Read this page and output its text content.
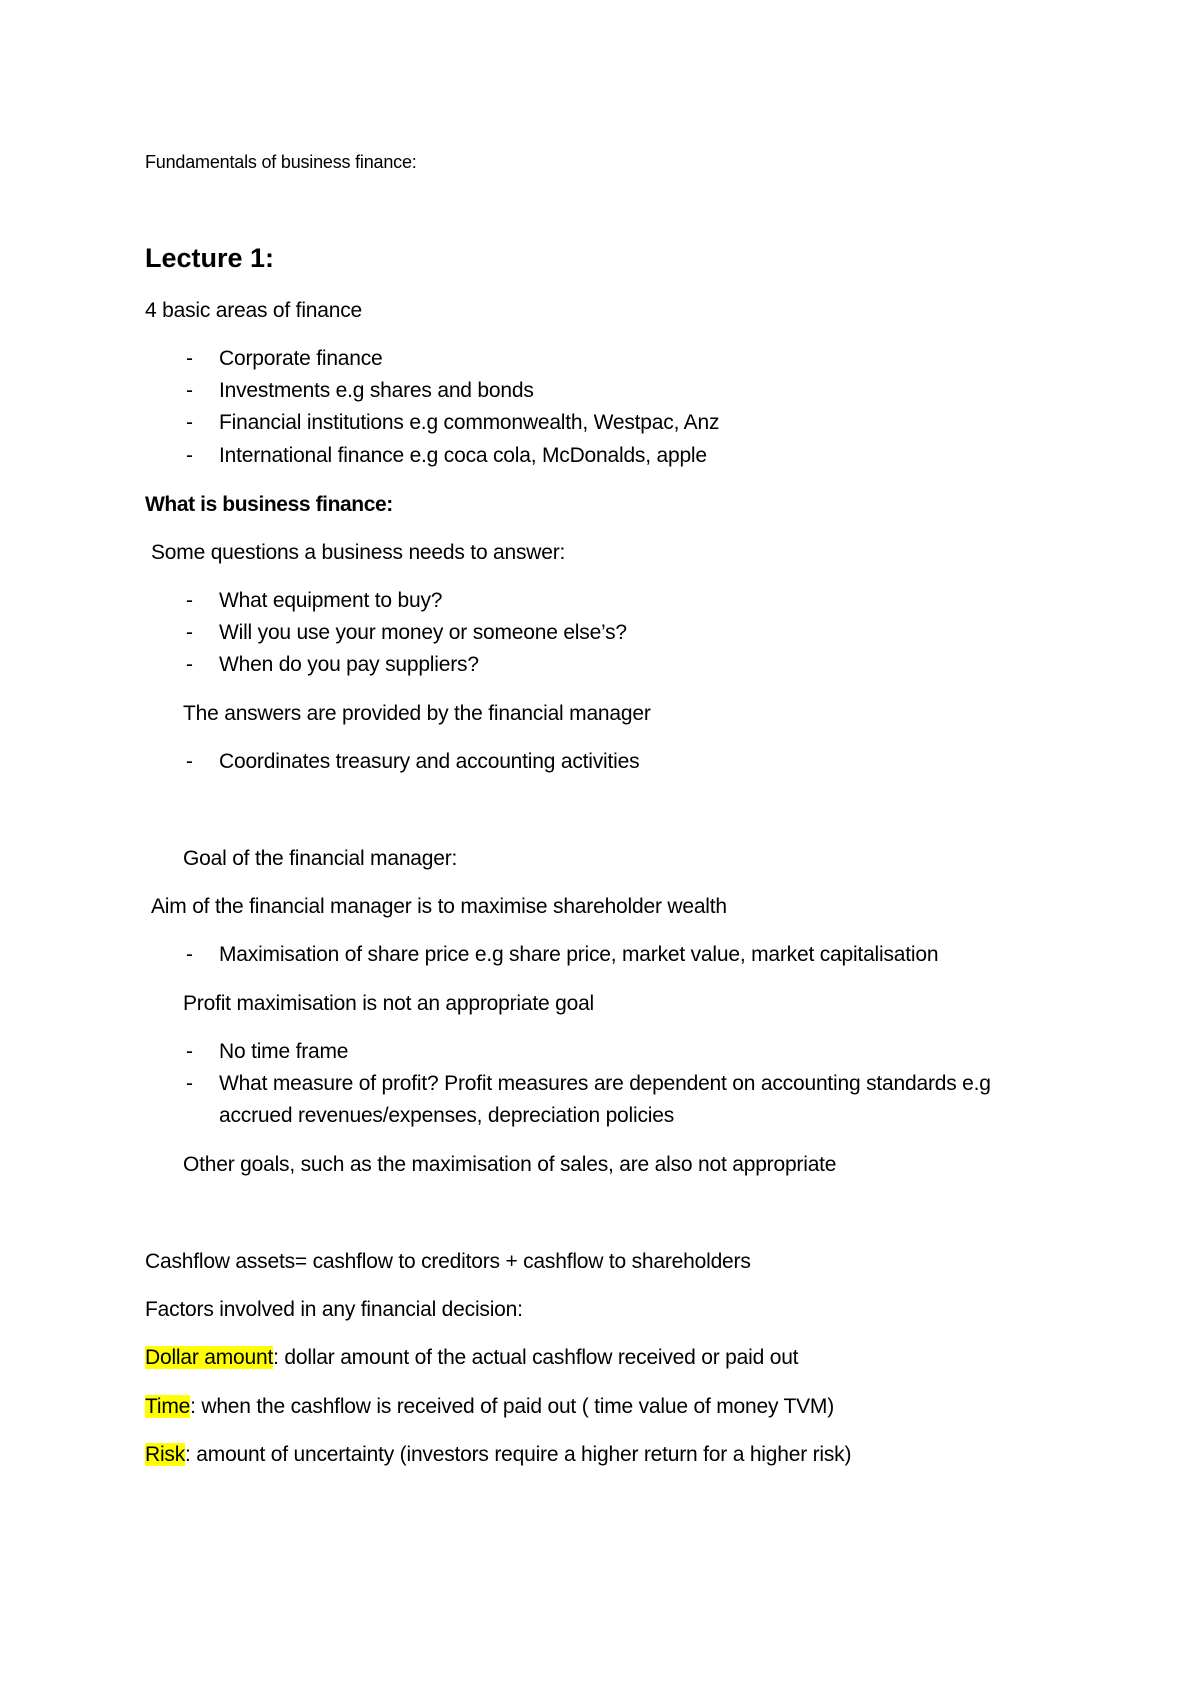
Fundamentals of business finance:
Lecture 1:
4 basic areas of finance
- Corporate finance
- Investments e.g shares and bonds
- Financial institutions e.g commonwealth, Westpac, Anz
- International finance e.g coca cola, McDonalds, apple
What is business finance:
Some questions a business needs to answer:
- What equipment to buy?
- Will you use your money or someone else’s?
- When do you pay suppliers?
The answers are provided by the financial manager
- Coordinates treasury and accounting activities
Goal of the financial manager:
Aim of the financial manager is to maximise shareholder wealth
- Maximisation of share price e.g share price, market value, market capitalisation
Profit maximisation is not an appropriate goal
- No time frame
- What measure of profit? Profit measures are dependent on accounting standards e.g
accrued revenues/expenses, depreciation policies
Other goals, such as the maximisation of sales, are also not appropriate
Cashflow assets= cashflow to creditors + cashflow to shareholders
Factors involved in any financial decision:
Dollar amount: dollar amount of the actual cashflow received or paid out
Time: when the cashflow is received of paid out ( time value of money TVM)
Risk: amount of uncertainty (investors require a higher return for a higher risk)
